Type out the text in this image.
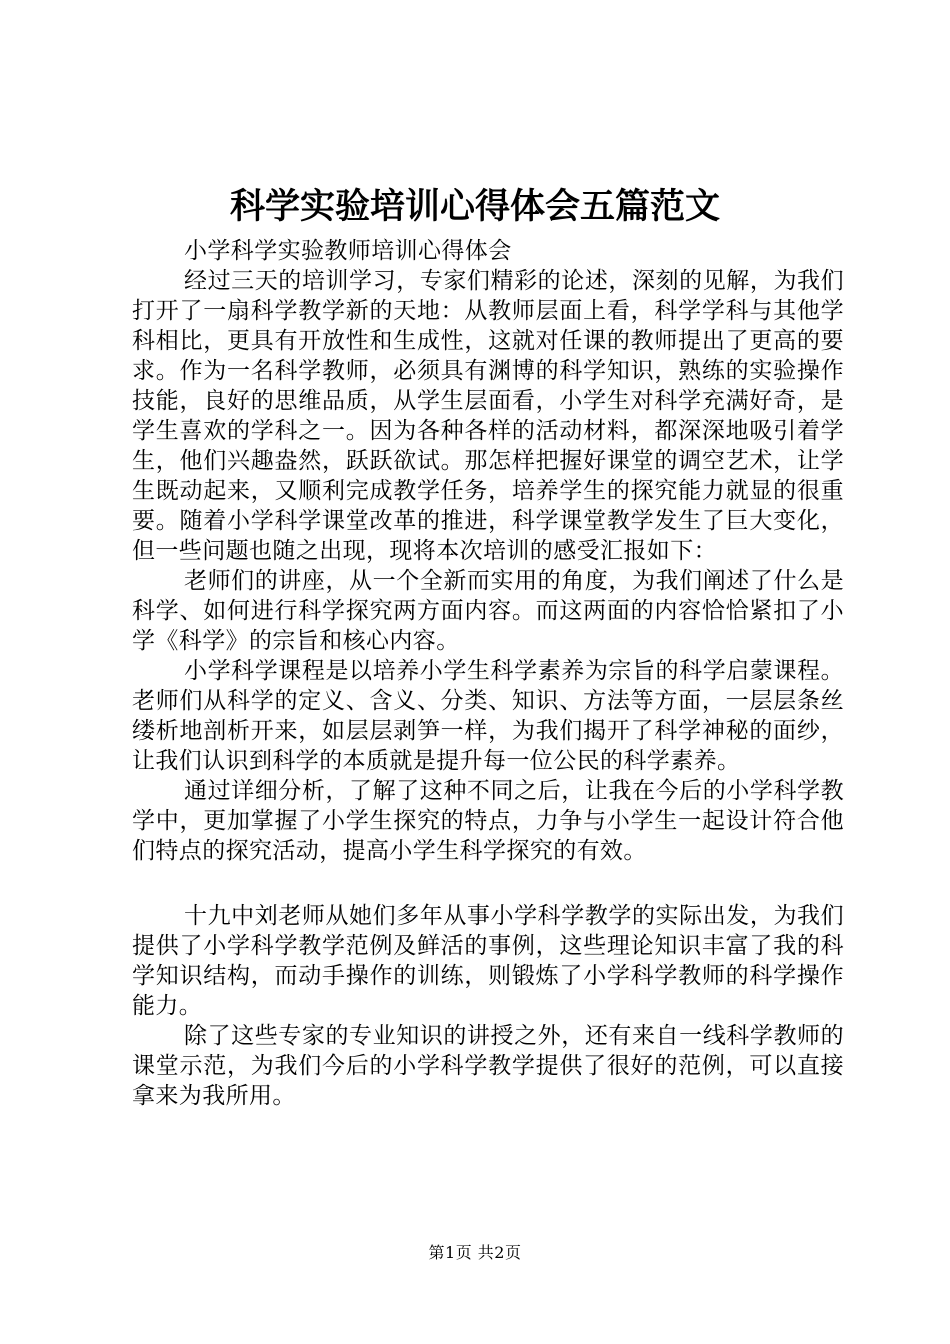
科学实验培训心得体会五篇范文

小学科学实验教师培训心得体会

经过三天的培训学习，专家们精彩的论述，深刻的见解，为我们打开了一扇科学教学新的天地：从教师层面上看，科学学科与其他学科相比，更具有开放性和生成性，这就对任课的教师提出了更高的要求。作为一名科学教师，必须具有渊博的科学知识，熟练的实验操作技能，良好的思维品质，从学生层面看，小学生对科学充满好奇，是学生喜欢的学科之一。因为各种各样的活动材料，都深深地吸引着学生，他们兴趣盎然，跃跃欲试。那怎样把握好课堂的调空艺术，让学生既动起来，又顺利完成教学任务，培养学生的探究能力就显的很重要。随着小学科学课堂改革的推进，科学课堂教学发生了巨大变化，但一些问题也随之出现，现将本次培训的感受汇报如下：

老师们的讲座，从一个全新而实用的角度，为我们阐述了什么是科学、如何进行科学探究两方面内容。而这两面的内容恰恰紧扣了小学《科学》的宗旨和核心内容。

小学科学课程是以培养小学生科学素养为宗旨的科学启蒙课程。老师们从科学的定义、含义、分类、知识、方法等方面，一层层条丝缕析地剖析开来，如层层剥笋一样，为我们揭开了科学神秘的面纱，让我们认识到科学的本质就是提升每一位公民的科学素养。

通过详细分析，了解了这种不同之后，让我在今后的小学科学教学中，更加掌握了小学生探究的特点，力争与小学生一起设计符合他们特点的探究活动，提高小学生科学探究的有效。

十九中刘老师从她们多年从事小学科学教学的实际出发，为我们提供了小学科学教学范例及鲜活的事例，这些理论知识丰富了我的科学知识结构，而动手操作的训练，则锻炼了小学科学教师的科学操作能力。

除了这些专家的专业知识的讲授之外，还有来自一线科学教师的课堂示范，为我们今后的小学科学教学提供了很好的范例，可以直接拿来为我所用。

第1页 共2页
